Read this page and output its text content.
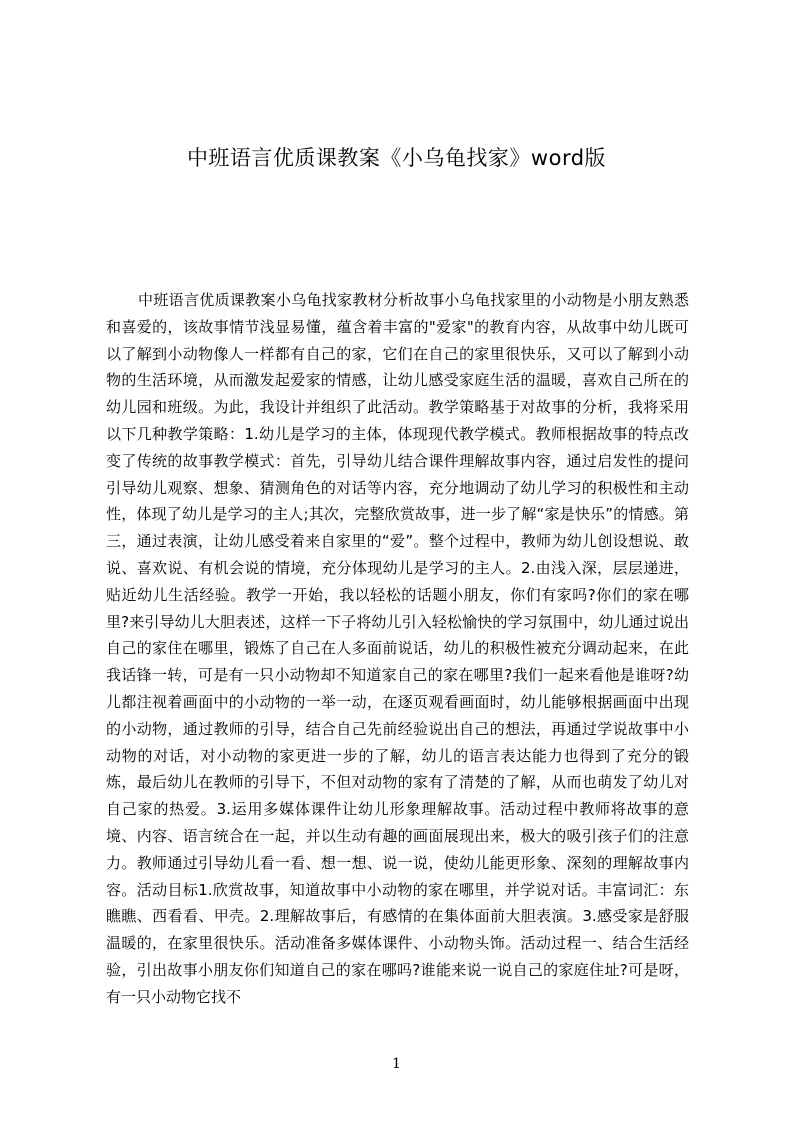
中班语言优质课教案《小乌龟找家》word版

中班语言优质课教案小乌龟找家教材分析故事小乌龟找家里的小动物是小朋友熟悉和喜爱的，该故事情节浅显易懂，蕴含着丰富的"爱家"的教育内容，从故事中幼儿既可以了解到小动物像人一样都有自己的家，它们在自己的家里很快乐，又可以了解到小动物的生活环境，从而激发起爱家的情感，让幼儿感受家庭生活的温暖，喜欢自己所在的幼儿园和班级。为此，我设计并组织了此活动。教学策略基于对故事的分析，我将采用以下几种教学策略：1.幼儿是学习的主体，体现现代教学模式。教师根据故事的特点改变了传统的故事教学模式：首先，引导幼儿结合课件理解故事内容，通过启发性的提问引导幼儿观察、想象、猜测角色的对话等内容，充分地调动了幼儿学习的积极性和主动性，体现了幼儿是学习的主人;其次，完整欣赏故事，进一步了解“家是快乐”的情感。第三，通过表演，让幼儿感受着来自家里的“爱”。整个过程中，教师为幼儿创设想说、敢说、喜欢说、有机会说的情境，充分体现幼儿是学习的主人。2.由浅入深，层层递进，贴近幼儿生活经验。教学一开始，我以轻松的话题小朋友，你们有家吗?你们的家在哪里?来引导幼儿大胆表述，这样一下子将幼儿引入轻松愉快的学习氛围中，幼儿通过说出自己的家住在哪里，锻炼了自己在人多面前说话，幼儿的积极性被充分调动起来，在此我话锋一转，可是有一只小动物却不知道家自己的家在哪里?我们一起来看他是谁呀?幼儿都注视着画面中的小动物的一举一动，在逐页观看画面时，幼儿能够根据画面中出现的小动物，通过教师的引导，结合自己先前经验说出自己的想法，再通过学说故事中小动物的对话，对小动物的家更进一步的了解，幼儿的语言表达能力也得到了充分的锻炼，最后幼儿在教师的引导下，不但对动物的家有了清楚的了解，从而也萌发了幼儿对自己家的热爱。3.运用多媒体课件让幼儿形象理解故事。活动过程中教师将故事的意境、内容、语言统合在一起，并以生动有趣的画面展现出来，极大的吸引孩子们的注意力。教师通过引导幼儿看一看、想一想、说一说，使幼儿能更形象、深刻的理解故事内容。活动目标1.欣赏故事，知道故事中小动物的家在哪里，并学说对话。丰富词汇：东瞧瞧、西看看、甲壳。2.理解故事后，有感情的在集体面前大胆表演。3.感受家是舒服温暖的，在家里很快乐。活动准备多媒体课件、小动物头饰。活动过程一、结合生活经验，引出故事小朋友你们知道自己的家在哪吗?谁能来说一说自己的家庭住址?可是呀，有一只小动物它找不

1
